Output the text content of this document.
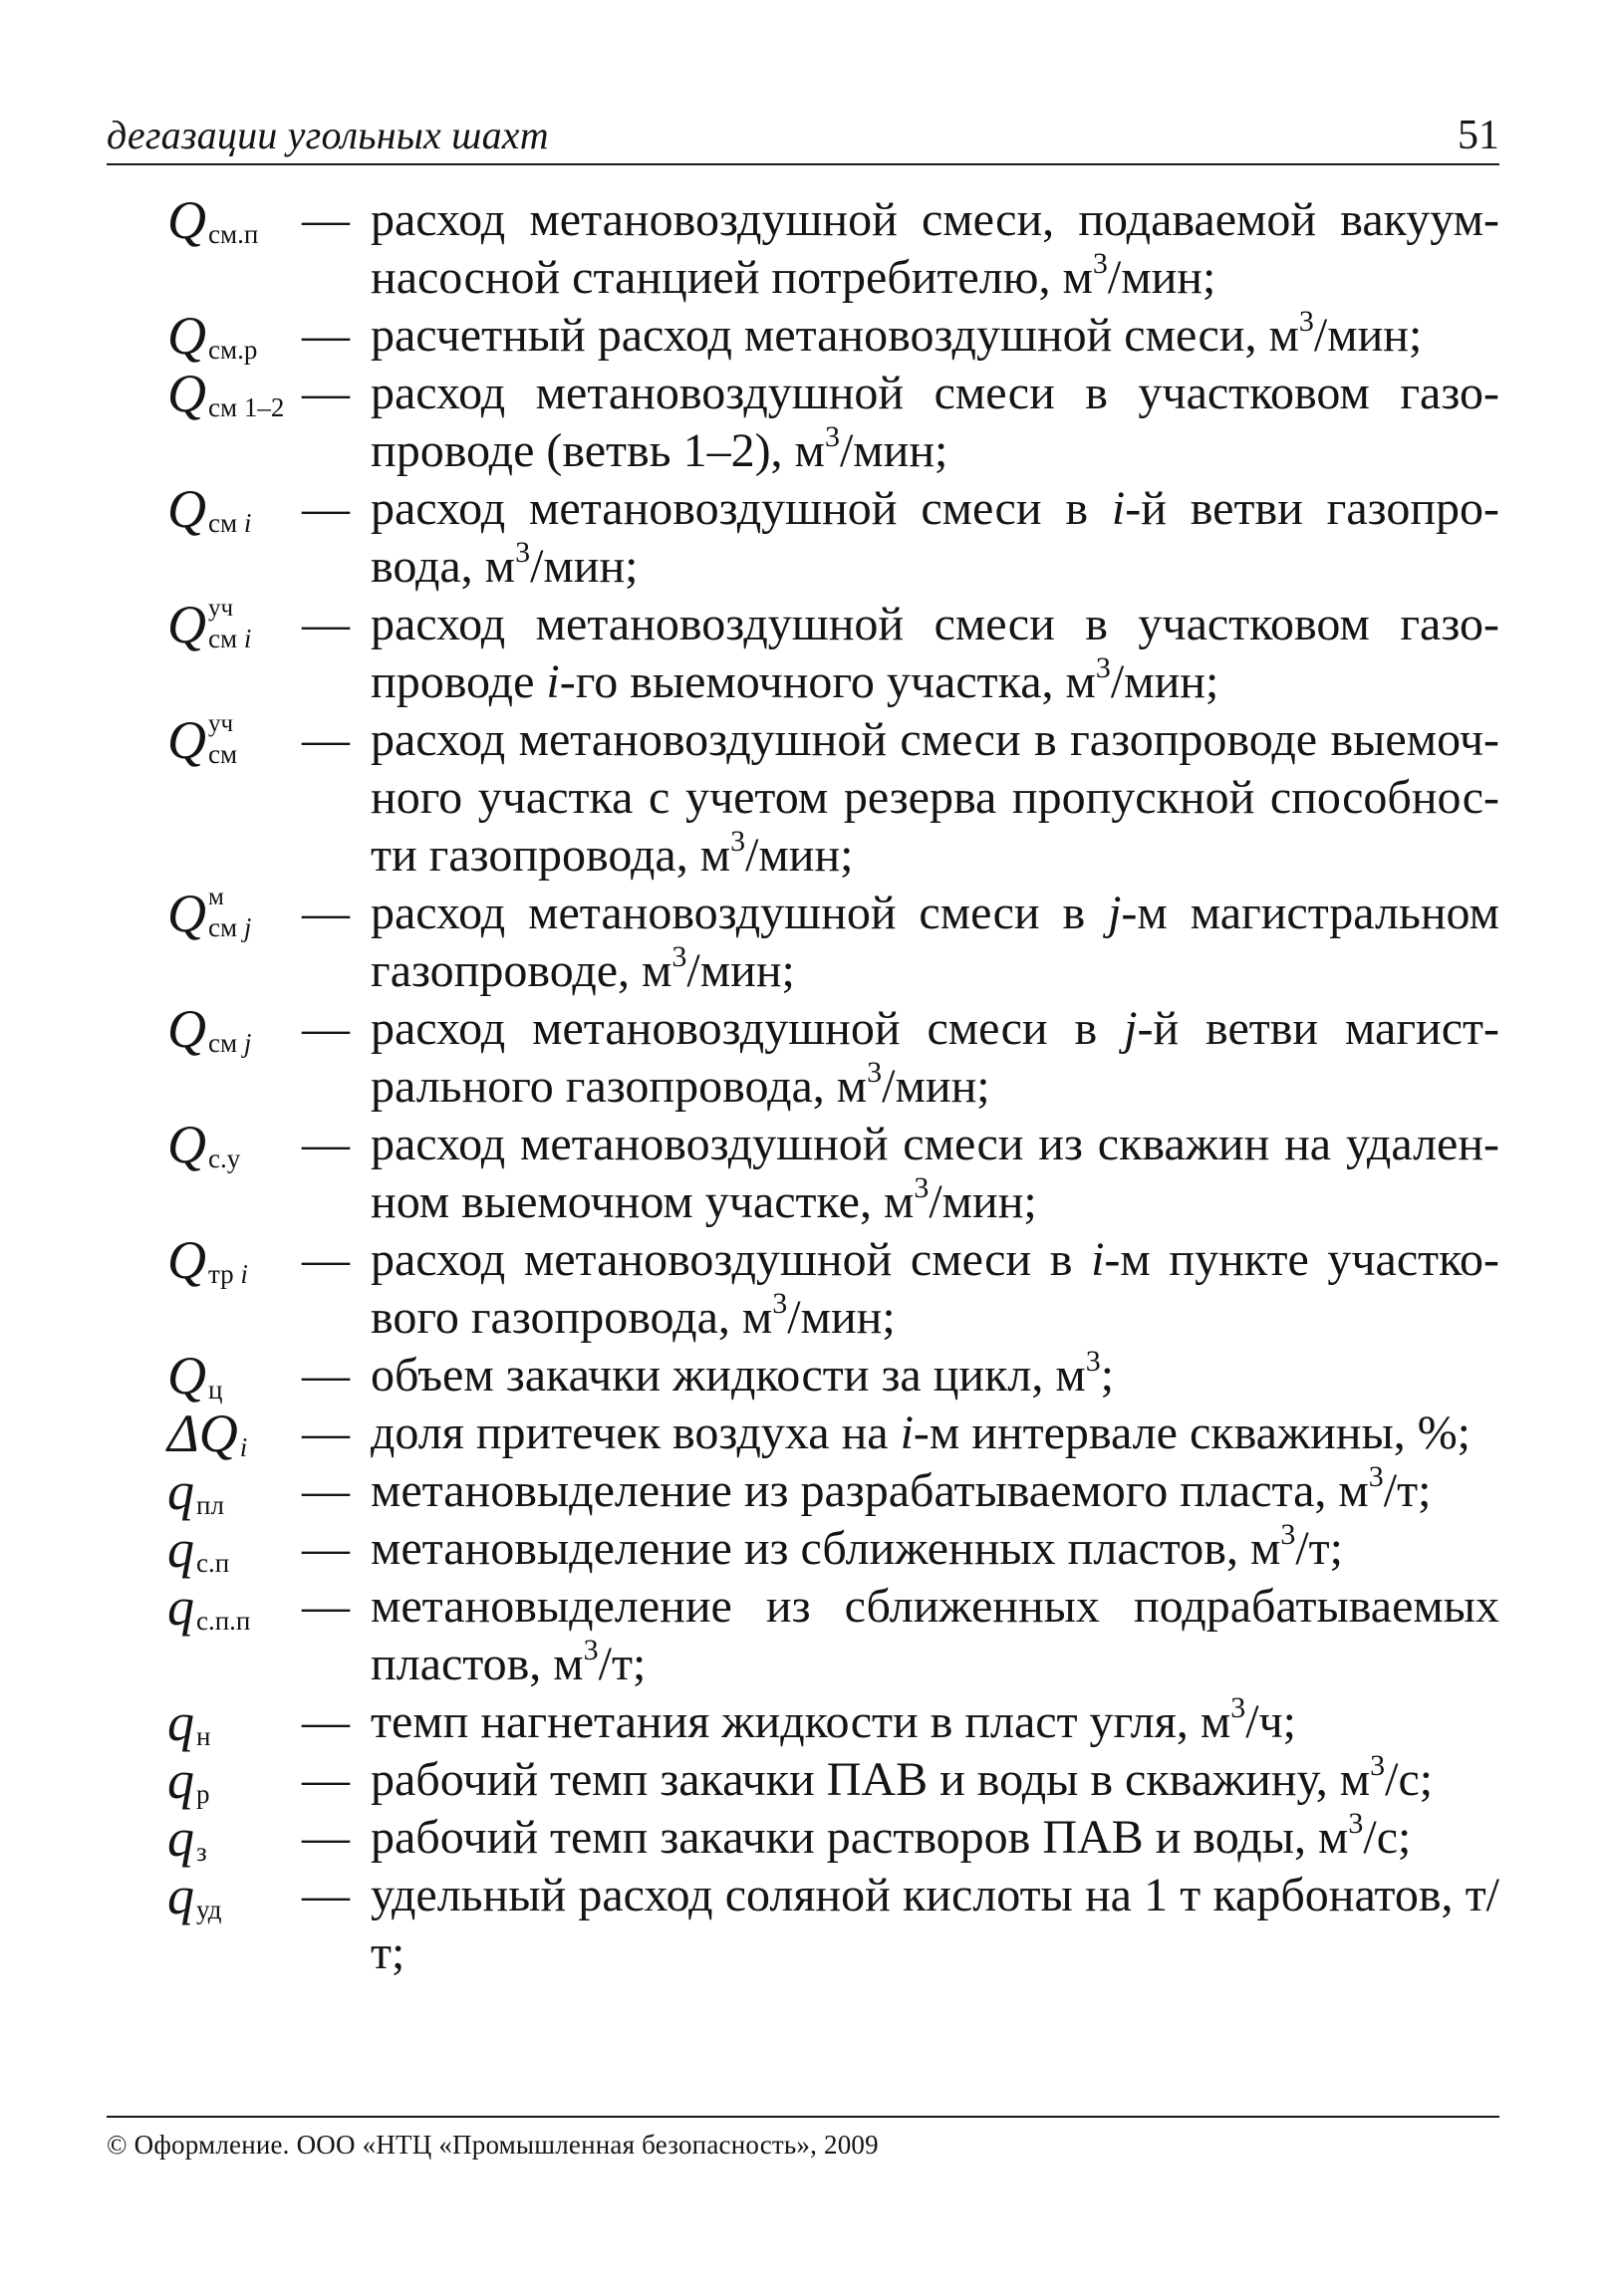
дегазации угольных шахт	51
Q см.п — расход метановоздушной смеси, подаваемой вакуум-насосной станцией потребителю, $м^3$/мин;
Q см.р — расчетный расход метановоздушной смеси, $м^3$/мин;
Q см 1–2 — расход метановоздушной смеси в участковом газо-проводе (ветвь 1–2), $м^3$/мин;
Q см i — расход метановоздушной смеси в i-й ветви газопро-вода, $м^3$/мин;
Q уч
см i — расход метановоздушной смеси в участковом газо-проводе i-го выемочного участка, $м^3$/мин;
Q уч
см — расход метановоздушной смеси в газопроводе выемоч-ного участка с учетом резерва пропускной способнос-ти газопровода, $м^3$/мин;
Q м
см j — расход метановоздушной смеси в j-м магистральном газопроводе, $м^3$/мин;
Q см j — расход метановоздушной смеси в j-й ветви магист-рального газопровода, $м^3$/мин;
Q с.у — расход метановоздушной смеси из скважин на удален-ном выемочном участке, $м^3$/мин;
Q тр i — расход метановоздушной смеси в i-м пункте участко-вого газопровода, $м^3$/мин;
Q ц — объем закачки жидкости за цикл, $м^3$;
ΔQ i — доля притечек воздуха на i-м интервале скважины, %;
q пл — метановыделение из разрабатываемого пласта, $м^3/т$;
q с.п — метановыделение из сближенных пластов, $м^3/т$;
q с.п.п — метановыделение из сближенных подрабатываемых пластов, $м^3/т$;
q н — темп нагнетания жидкости в пласт угля, $м^3/ч$;
q р — рабочий темп закачки ПАВ и воды в скважину, $м^3/с$;
q з — рабочий темп закачки растворов ПАВ и воды, $м^3/с$;
q уд — удельный расход соляной кислоты на 1 т карбонатов, т/т;
© Оформление. ООО «НТЦ «Промышленная безопасность», 2009
